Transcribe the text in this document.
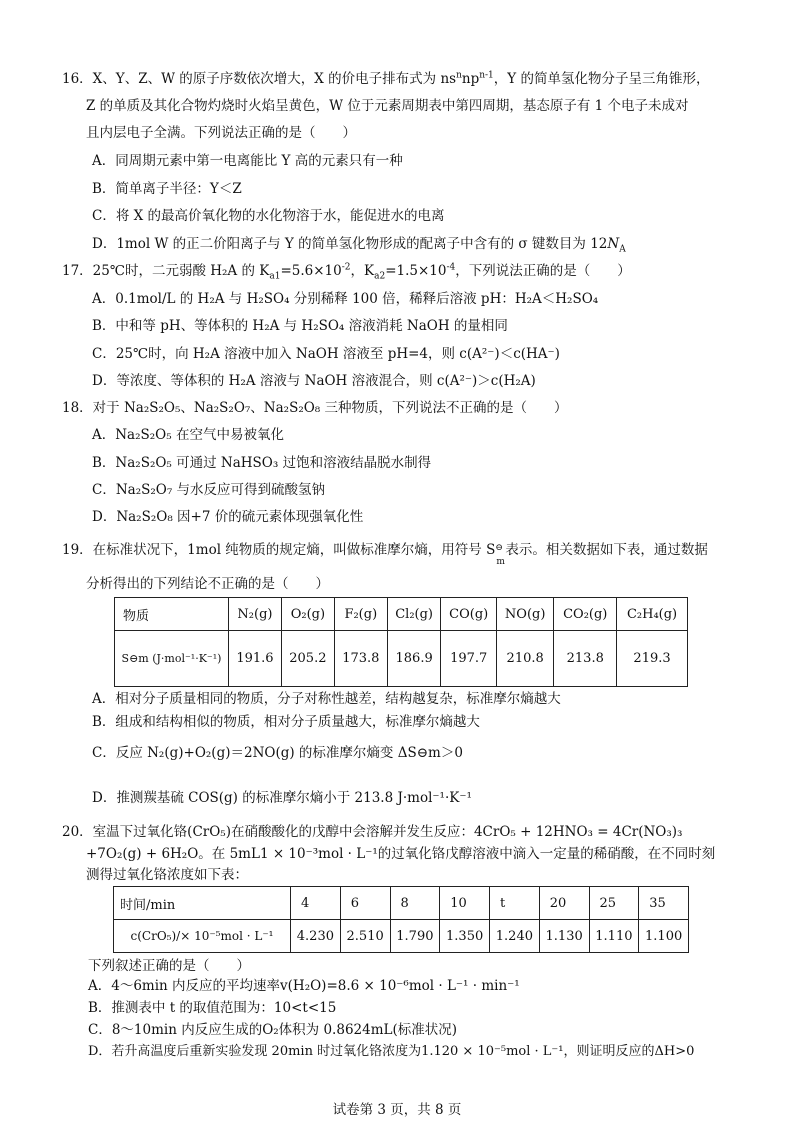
16．X、Y、Z、W 的原子序数依次增大，X 的价电子排布式为 $ns^nnp^{n-1}$，Y 的简单氢化物分子呈三角锥形，
Z 的单质及其化合物灼烧时火焰呈黄色，W 位于元素周期表中第四周期，基态原子有 1 个电子未成对
且内层电子全满。下列说法正确的是（　　）
A．同周期元素中第一电离能比 Y 高的元素只有一种
B．简单离子半径：Y＜Z
C．将 X 的最高价氧化物的水化物溶于水，能促进水的电离
D．1mol W 的正二价阳离子与 Y 的简单氢化物形成的配离子中含有的 σ 键数目为 $12N_A$
17．25℃时，二元弱酸 H₂A 的 $K_{a1}=5.6\times 10^{-2}$，$K_{a2}=1.5\times 10^{-4}$，下列说法正确的是（　　）
A．0.1mol/L 的 H₂A 与 H₂SO₄ 分别稀释 100 倍，稀释后溶液 pH：H₂A＜H₂SO₄
B．中和等 pH、等体积的 H₂A 与 H₂SO₄ 溶液消耗 NaOH 的量相同
C．25℃时，向 H₂A 溶液中加入 NaOH 溶液至 pH=4，则 c(A²⁻)＜c(HA⁻)
D．等浓度、等体积的 H₂A 溶液与 NaOH 溶液混合，则 c(A²⁻)＞c(H₂A)
18．对于 Na₂S₂O₅、Na₂S₂O₇、Na₂S₂O₈ 三种物质，下列说法不正确的是（　　）
A．Na₂S₂O₅ 在空气中易被氧化
B．Na₂S₂O₅ 可通过 NaHSO₃ 过饱和溶液结晶脱水制得
C．Na₂S₂O₇ 与水反应可得到硫酸氢钠
D．Na₂S₂O₈ 因+7 价的硫元素体现强氧化性
19．在标准状况下，1mol 纯物质的规定熵，叫做标准摩尔熵，用符号 S ⊖
m
表示。相关数据如下表，通过数据
分析得出的下列结论不正确的是（　　）
物质	N₂(g)	O₂(g)	F₂(g)	Cl₂(g)	CO(g)	NO(g)	CO₂(g)	C₂H₄(g)
S⊖m (J·mol⁻¹·K⁻¹)	191.6	205.2	173.8	186.9	197.7	210.8	213.8	219.3
A．相对分子质量相同的物质，分子对称性越差，结构越复杂，标准摩尔熵越大
B．组成和结构相似的物质，相对分子质量越大，标准摩尔熵越大
C．反应 N₂(g)+O₂(g)＝2NO(g) 的标准摩尔熵变 ΔS⊖m＞0
D．推测羰基硫 COS(g) 的标准摩尔熵小于 213.8 J·mol⁻¹·K⁻¹
20．室温下过氧化铬(CrO₅)在硝酸酸化的戊醇中会溶解并发生反应：4CrO₅ + 12HNO₃ = 4Cr(NO₃)₃
+7O₂(g) + 6H₂O。在 5mL1 × 10⁻³mol · L⁻¹的过氧化铬戊醇溶液中滴入一定量的稀硝酸，在不同时刻
测得过氧化铬浓度如下表：
时间/min	4	6	8	10	t	20	25	35
c(CrO₅)/× 10⁻⁵mol · L⁻¹	4.230	2.510	1.790	1.350	1.240	1.130	1.110	1.100
下列叙述正确的是（　　）
A．4～6min 内反应的平均速率v(H₂O)=8.6 × 10⁻⁶mol · L⁻¹ · min⁻¹
B．推测表中 t 的取值范围为：10<t<15
C．8～10min 内反应生成的O₂体积为 0.8624mL(标准状况)
D．若升高温度后重新实验发现 20min 时过氧化铬浓度为1.120 × 10⁻⁵mol · L⁻¹，则证明反应的ΔH>0
试卷第 3 页，共 8 页
